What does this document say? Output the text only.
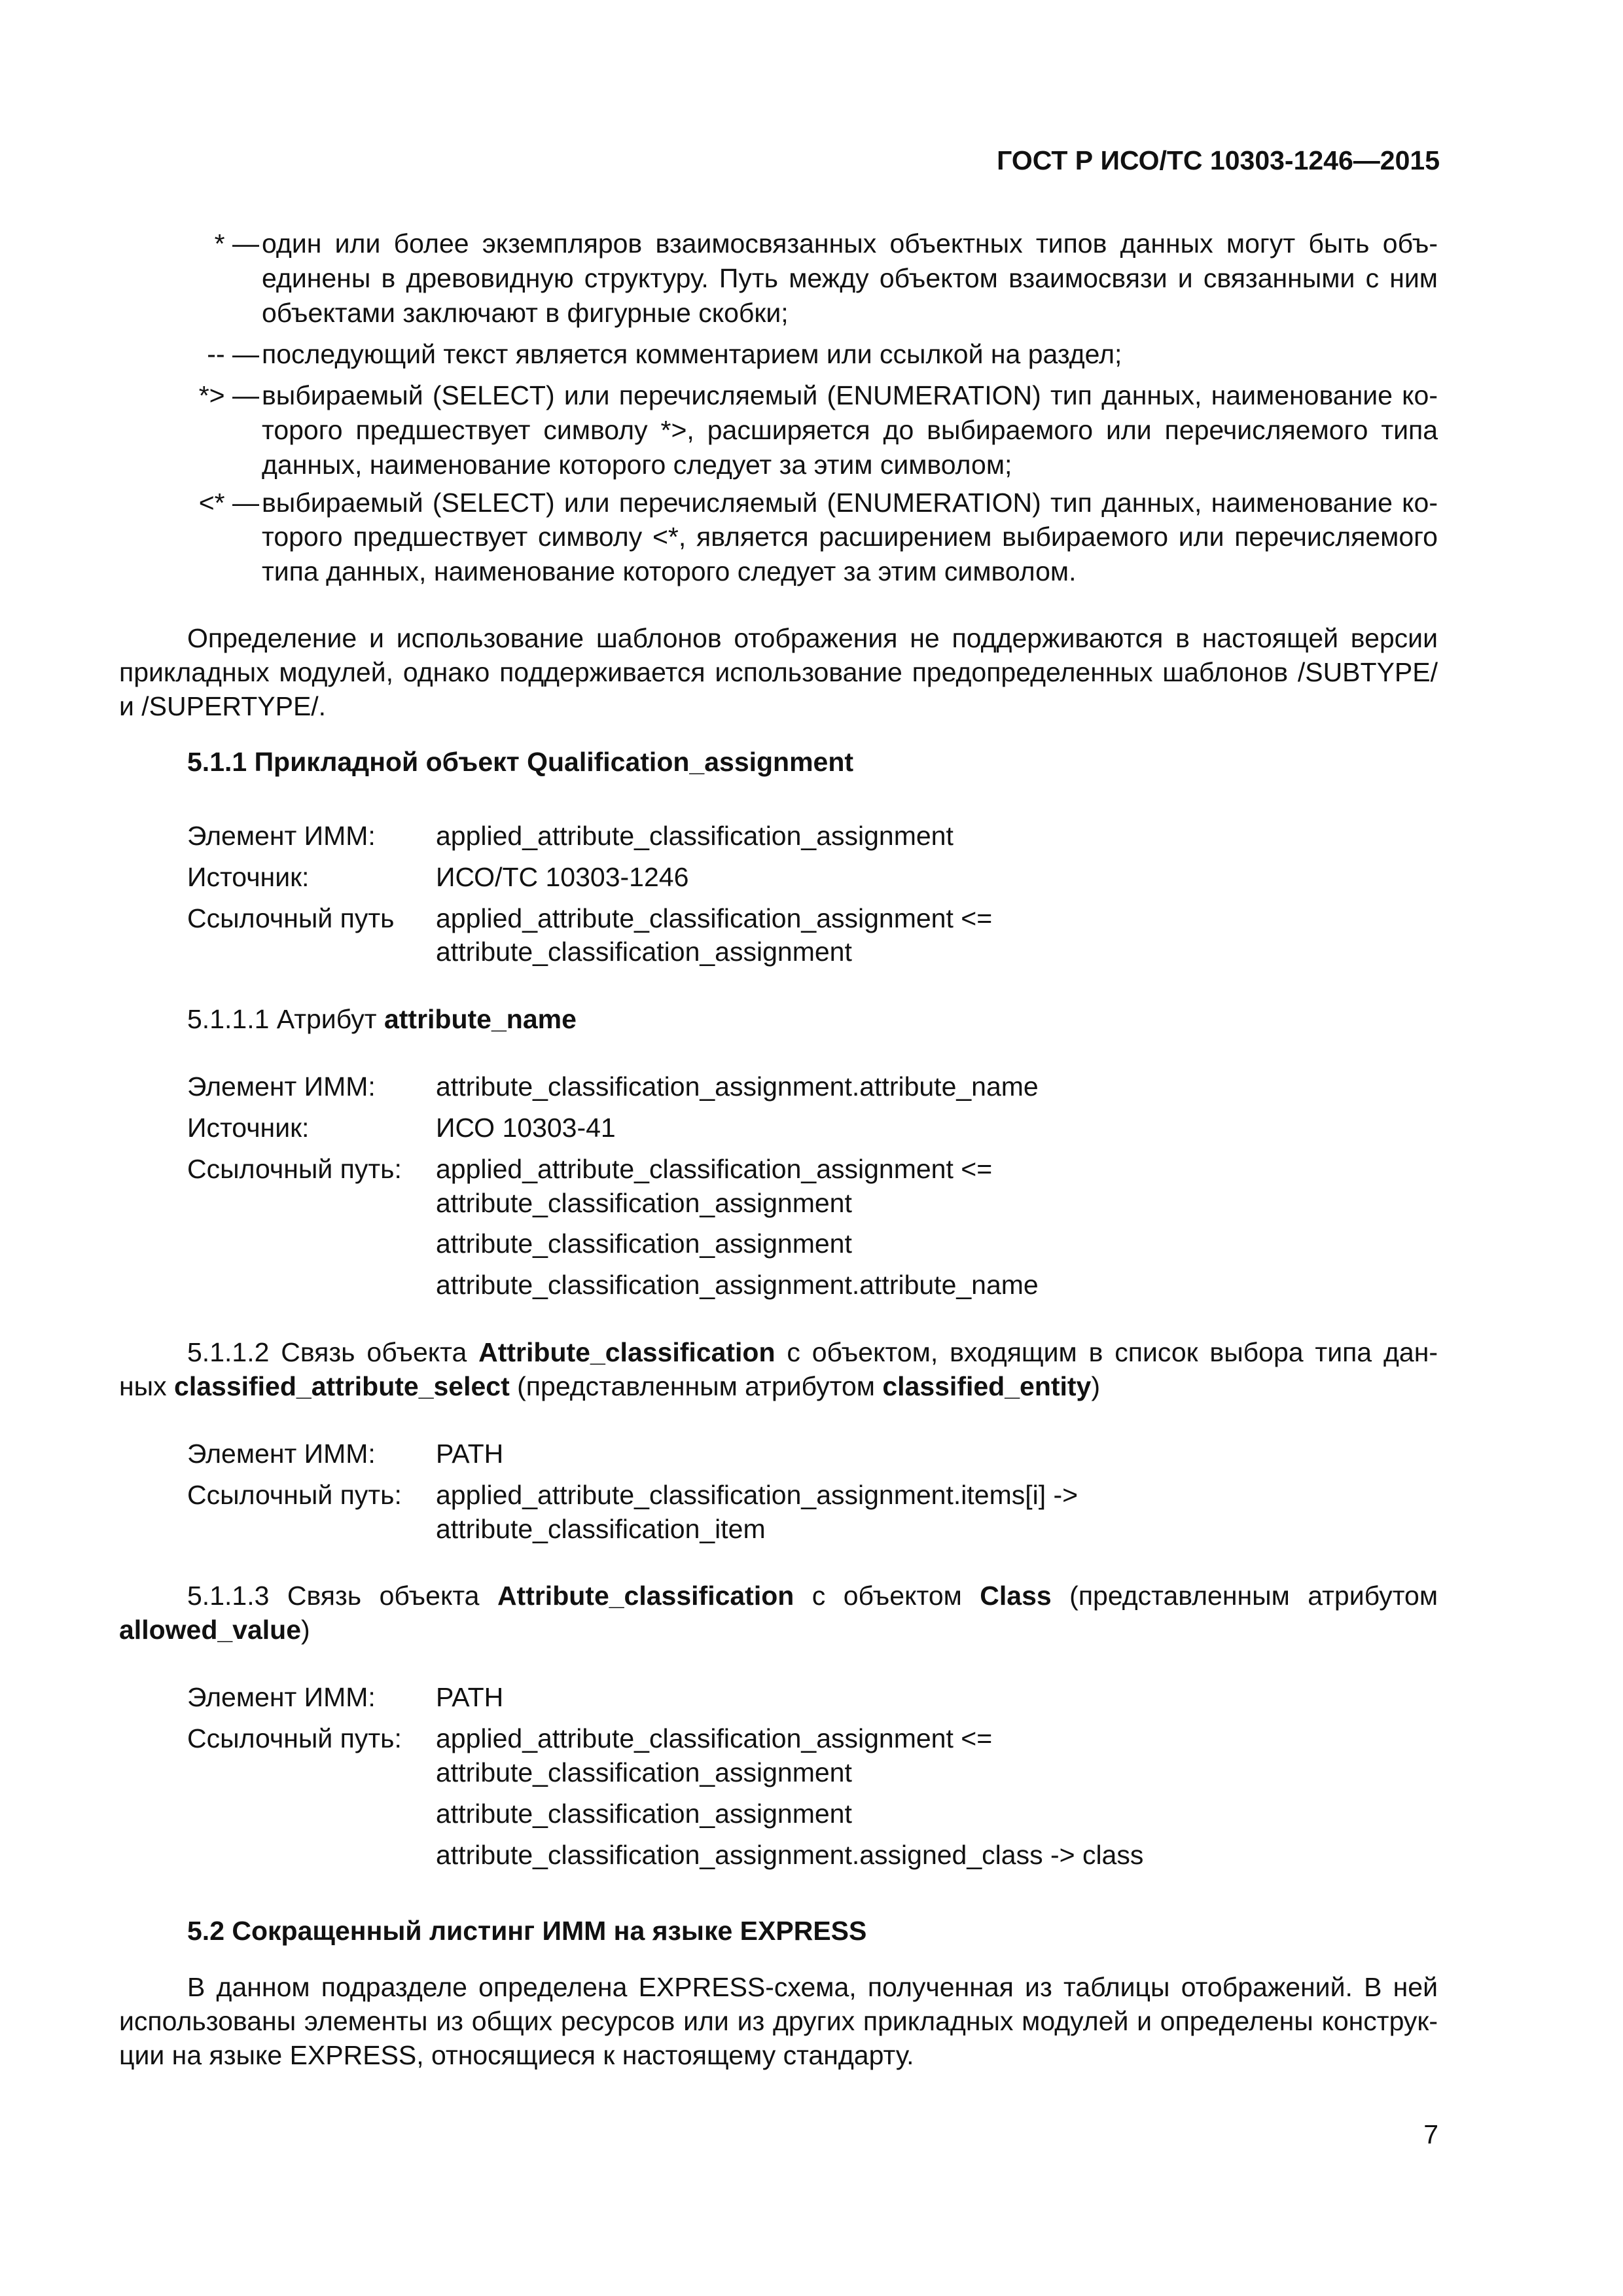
ГОСТ Р ИСО/ТС 10303-1246—2015
* — один или более экземпляров взаимосвязанных объектных типов данных могут быть объ-
единены в древовидную структуру. Путь между объектом взаимосвязи и связанными с ним
объектами заключают в фигурные скобки;
-- — последующий текст является комментарием или ссылкой на раздел;
*> — выбираемый (SELECT) или перечисляемый (ENUMERATION) тип данных, наименование ко-
торого предшествует символу *>, расширяется до выбираемого или перечисляемого типа
данных, наименование которого следует за этим символом;
<* — выбираемый (SELECT) или перечисляемый (ENUMERATION) тип данных, наименование ко-
торого предшествует символу <*, является расширением выбираемого или перечисляемого
типа данных, наименование которого следует за этим символом.
Определение и использование шаблонов отображения не поддерживаются в настоящей версии
прикладных модулей, однако поддерживается использование предопределенных шаблонов /SUBTYPE/
и /SUPERTYPE/.
5.1.1 Прикладной объект Qualification_assignment
Элемент ИММ: applied_attribute_classification_assignment
Источник:	ИСО/ТС 10303-1246
Ссылочный путь applied_attribute_classification_assignment <=
attribute_classification_assignment
5.1.1.1 Атрибут attribute_name
Элемент ИММ: attribute_classification_assignment.attribute_name
Источник:	ИСО 10303-41
Ссылочный путь: applied_attribute_classification_assignment <=
attribute_classification_assignment
attribute_classification_assignment
attribute_classification_assignment.attribute_name
5.1.1.2 Связь объекта Attribute_classification с объектом, входящим в список выбора типа дан-
ных classified_attribute_select (представленным атрибутом classified_entity)
Элемент ИММ: PATH
Ссылочный путь: applied_attribute_classification_assignment.items[i] ->
attribute_classification_item
5.1.1.3 Связь объекта Attribute_classification с объектом Class (представленным атрибутом
allowed_value)
Элемент ИММ: PATH
Ссылочный путь: applied_attribute_classification_assignment <=
attribute_classification_assignment
attribute_classification_assignment
attribute_classification_assignment.assigned_class -> class
5.2 Сокращенный листинг ИММ на языке EXPRESS
В данном подразделе определена EXPRESS-схема, полученная из таблицы отображений. В ней
использованы элементы из общих ресурсов или из других прикладных модулей и определены конструк-
ции на языке EXPRESS, относящиеся к настоящему стандарту.
7
